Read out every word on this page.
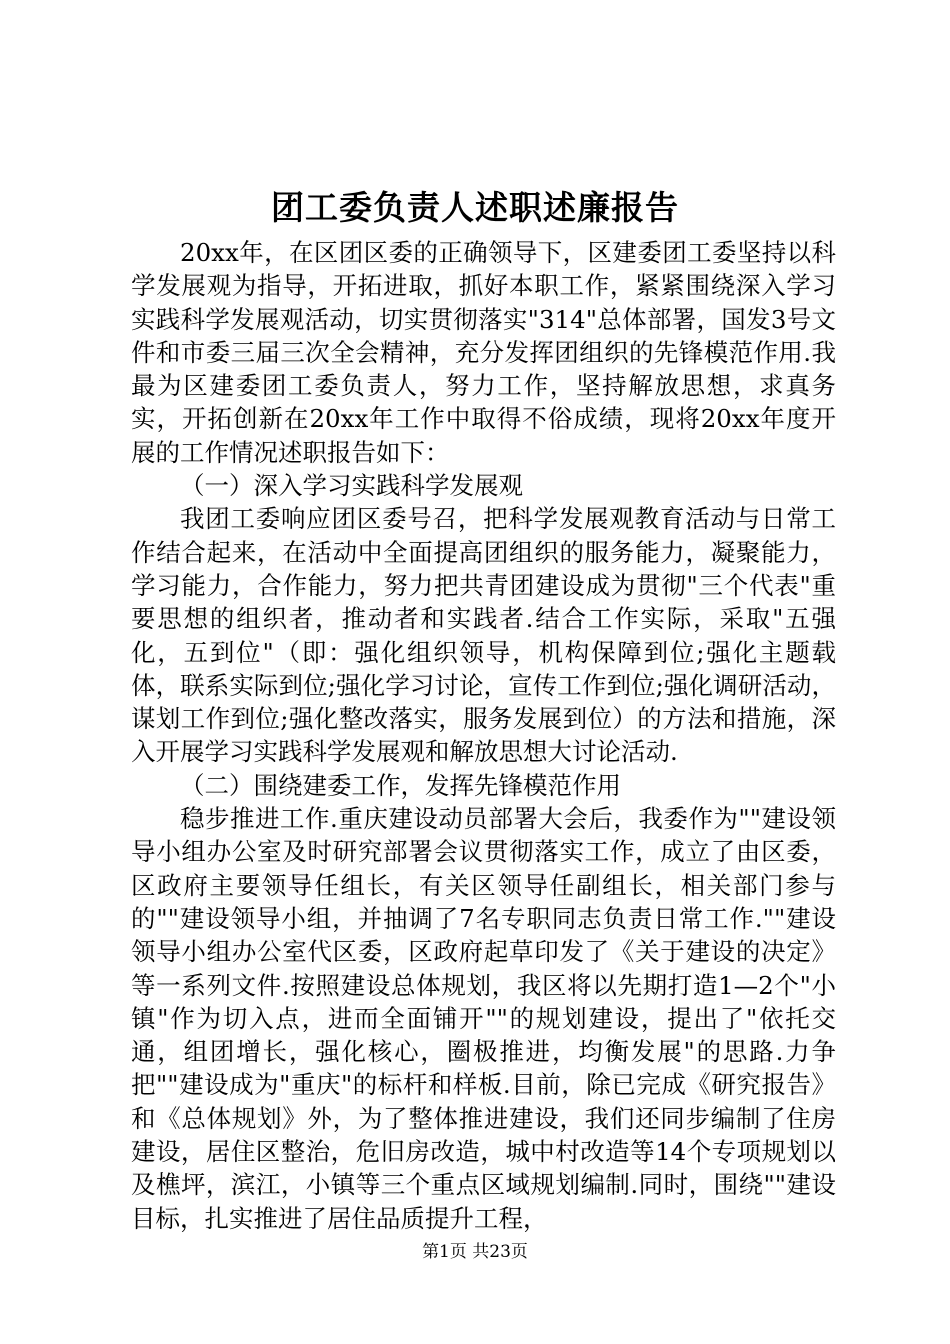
团工委负责人述职述廉报告

20xx年，在区团区委的正确领导下，区建委团工委坚持以科学发展观为指导，开拓进取，抓好本职工作，紧紧围绕深入学习实践科学发展观活动，切实贯彻落实"314"总体部署，国发3号文件和市委三届三次全会精神，充分发挥团组织的先锋模范作用.我最为区建委团工委负责人，努力工作，坚持解放思想，求真务实，开拓创新在20xx年工作中取得不俗成绩，现将20xx年度开展的工作情况述职报告如下：

（一）深入学习实践科学发展观

我团工委响应团区委号召，把科学发展观教育活动与日常工作结合起来，在活动中全面提高团组织的服务能力，凝聚能力，学习能力，合作能力，努力把共青团建设成为贯彻"三个代表"重要思想的组织者，推动者和实践者.结合工作实际，采取"五强化，五到位"（即：强化组织领导，机构保障到位;强化主题载体，联系实际到位;强化学习讨论，宣传工作到位;强化调研活动，谋划工作到位;强化整改落实，服务发展到位）的方法和措施，深入开展学习实践科学发展观和解放思想大讨论活动.

（二）围绕建委工作，发挥先锋模范作用

稳步推进工作.重庆建设动员部署大会后，我委作为""建设领导小组办公室及时研究部署会议贯彻落实工作，成立了由区委，区政府主要领导任组长，有关区领导任副组长，相关部门参与的""建设领导小组，并抽调了7名专职同志负责日常工作.""建设领导小组办公室代区委，区政府起草印发了《关于建设的决定》等一系列文件.按照建设总体规划，我区将以先期打造1—2个"小镇"作为切入点，进而全面铺开""的规划建设，提出了"依托交通，组团增长，强化核心，圈极推进，均衡发展"的思路.力争把""建设成为"重庆"的标杆和样板.目前，除已完成《研究报告》和《总体规划》外，为了整体推进建设，我们还同步编制了住房建设，居住区整治，危旧房改造，城中村改造等14个专项规划以及樵坪，滨江，小镇等三个重点区域规划编制.同时，围绕""建设目标，扎实推进了居住品质提升工程，

第1页 共23页
